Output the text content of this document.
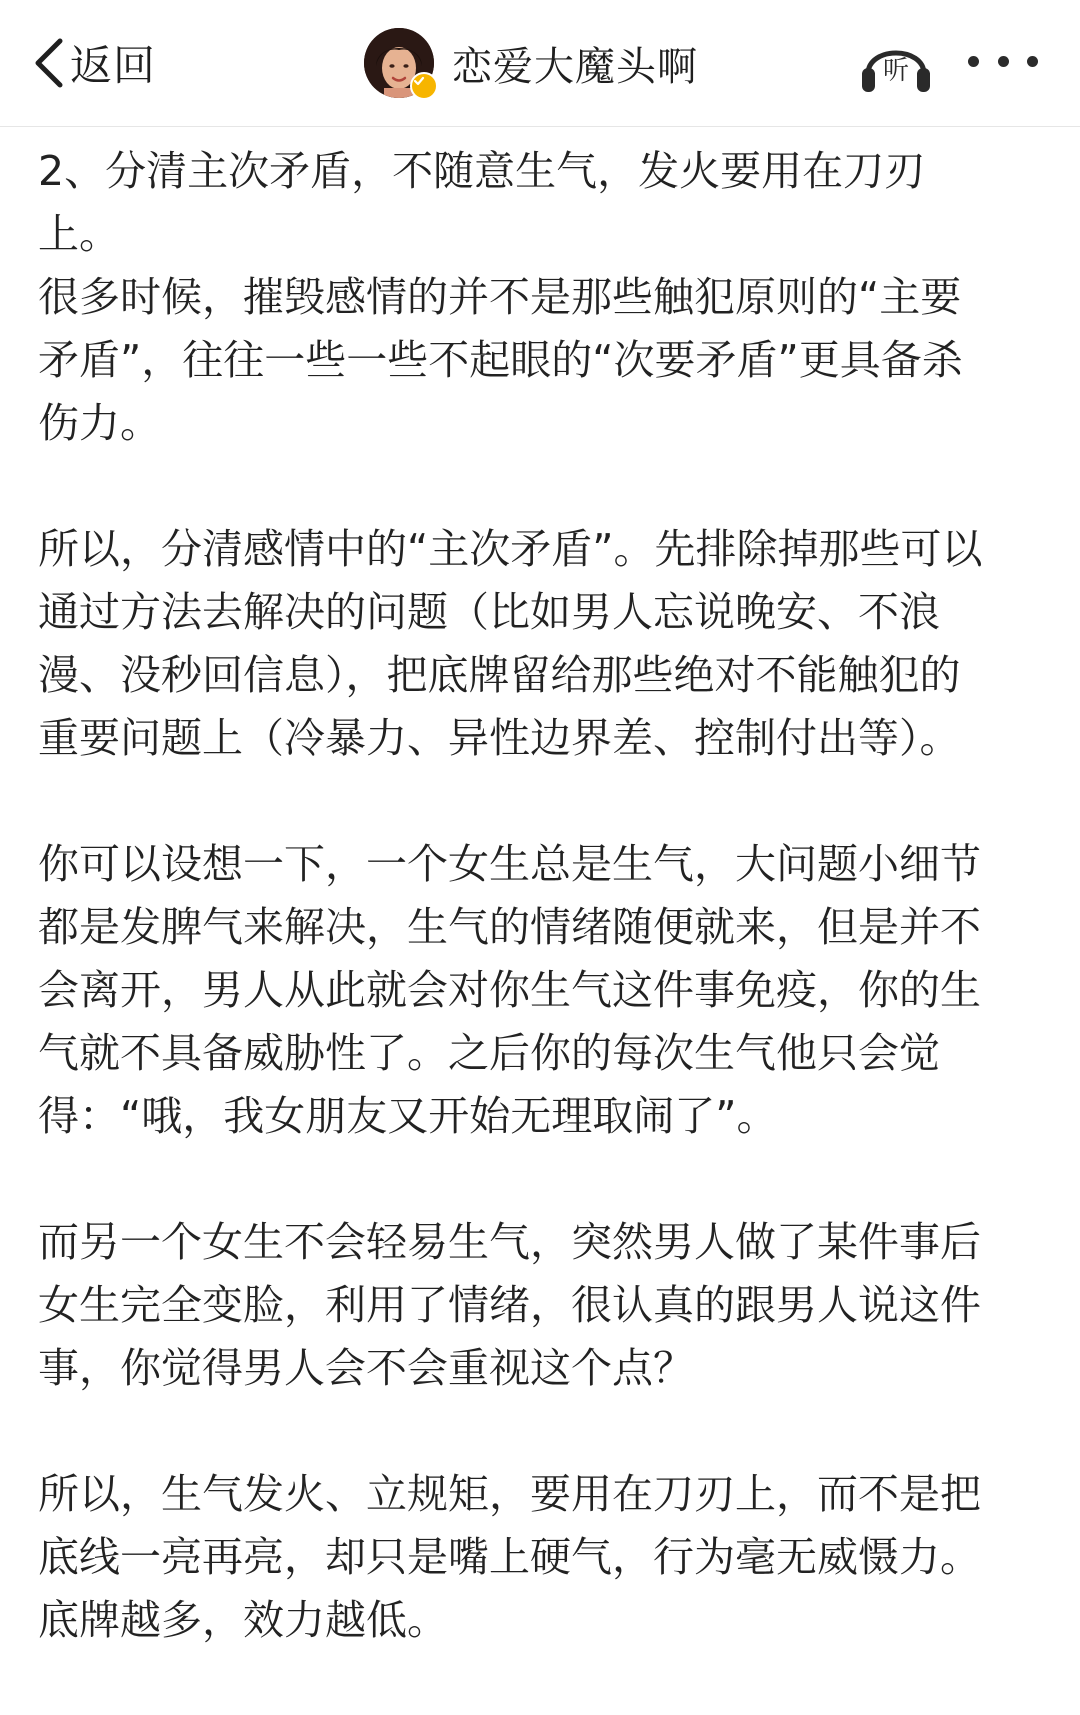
返回	恋爱大魔头啊	听

2、分清主次矛盾，不随意生气，发火要用在刀刃
上。
很多时候，摧毁感情的并不是那些触犯原则的“主要
矛盾”，往往一些一些不起眼的“次要矛盾”更具备杀
伤力。

所以，分清感情中的“主次矛盾”。先排除掉那些可以
通过方法去解决的问题（比如男人忘说晚安、不浪
漫、没秒回信息），把底牌留给那些绝对不能触犯的
重要问题上（冷暴力、异性边界差、控制付出等）。

你可以设想一下，一个女生总是生气，大问题小细节
都是发脾气来解决，生气的情绪随便就来，但是并不
会离开，男人从此就会对你生气这件事免疫，你的生
气就不具备威胁性了。之后你的每次生气他只会觉
得：“哦，我女朋友又开始无理取闹了”。

而另一个女生不会轻易生气，突然男人做了某件事后
女生完全变脸，利用了情绪，很认真的跟男人说这件
事，你觉得男人会不会重视这个点？

所以，生气发火、立规矩，要用在刀刃上，而不是把
底线一亮再亮，却只是嘴上硬气，行为毫无威慑力。
底牌越多，效力越低。
